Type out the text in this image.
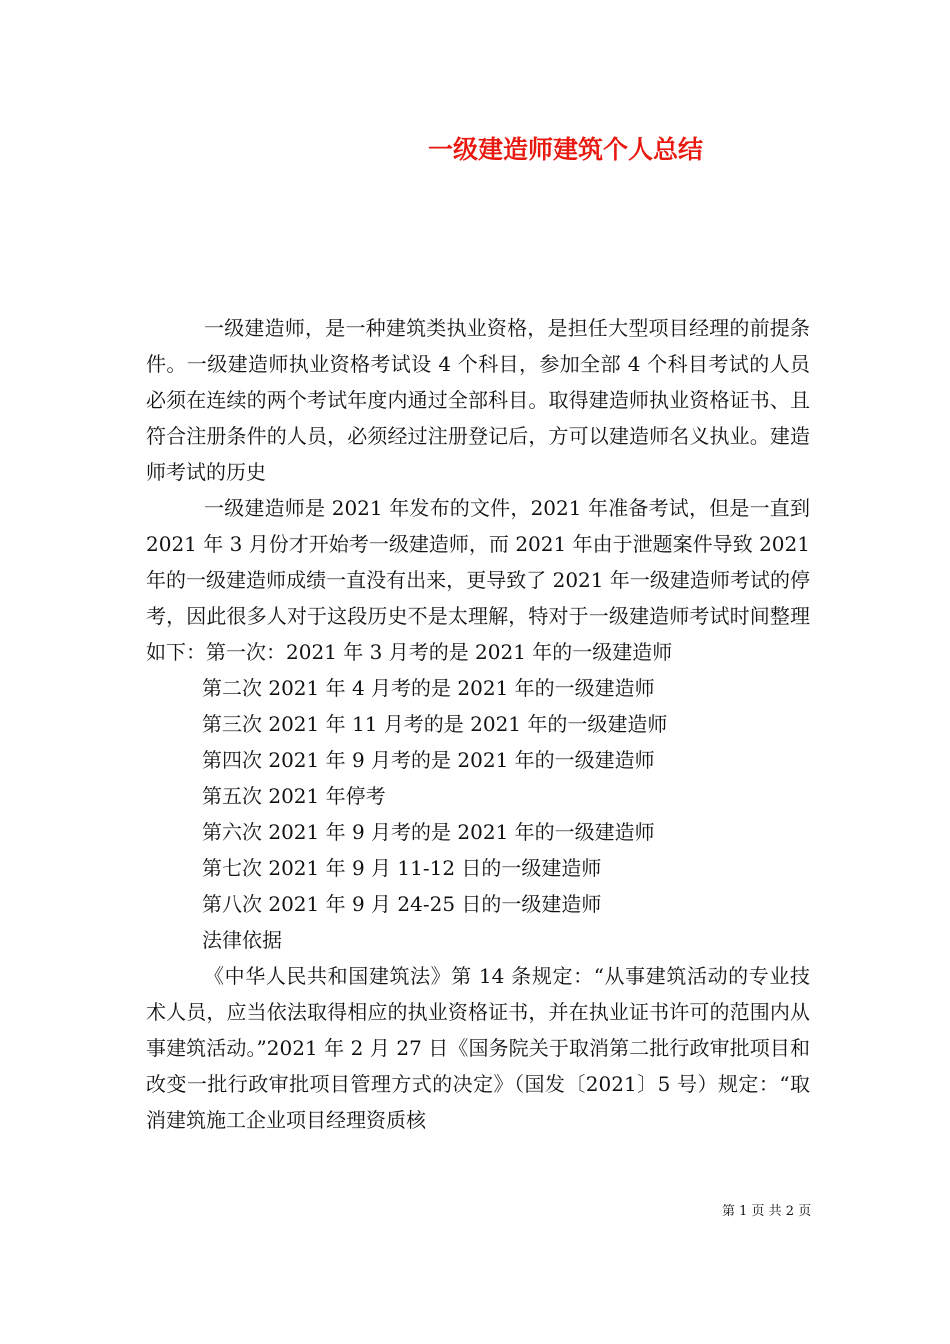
一级建造师建筑个人总结

一级建造师，是一种建筑类执业资格，是担任大型项目经理的前提条件。一级建造师执业资格考试设 4 个科目，参加全部 4 个科目考试的人员必须在连续的两个考试年度内通过全部科目。取得建造师执业资格证书、且符合注册条件的人员，必须经过注册登记后，方可以建造师名义执业。建造师考试的历史

一级建造师是 2021 年发布的文件，2021 年准备考试，但是一直到 2021 年 3 月份才开始考一级建造师，而 2021 年由于泄题案件导致 2021 年的一级建造师成绩一直没有出来，更导致了 2021 年一级建造师考试的停考，因此很多人对于这段历史不是太理解，特对于一级建造师考试时间整理如下：第一次：2021 年 3 月考的是 2021 年的一级建造师

第二次 2021 年 4 月考的是 2021 年的一级建造师

第三次 2021 年 11 月考的是 2021 年的一级建造师

第四次 2021 年 9 月考的是 2021 年的一级建造师

第五次 2021 年停考

第六次 2021 年 9 月考的是 2021 年的一级建造师

第七次 2021 年 9 月 11-12 日的一级建造师

第八次 2021 年 9 月 24-25 日的一级建造师

法律依据

《中华人民共和国建筑法》第 14 条规定：“从事建筑活动的专业技术人员，应当依法取得相应的执业资格证书，并在执业证书许可的范围内从事建筑活动。”2021 年 2 月 27 日《国务院关于取消第二批行政审批项目和改变一批行政审批项目管理方式的决定》（国发〔2021〕5 号）规定：“取消建筑施工企业项目经理资质核

第 1 页 共 2 页
